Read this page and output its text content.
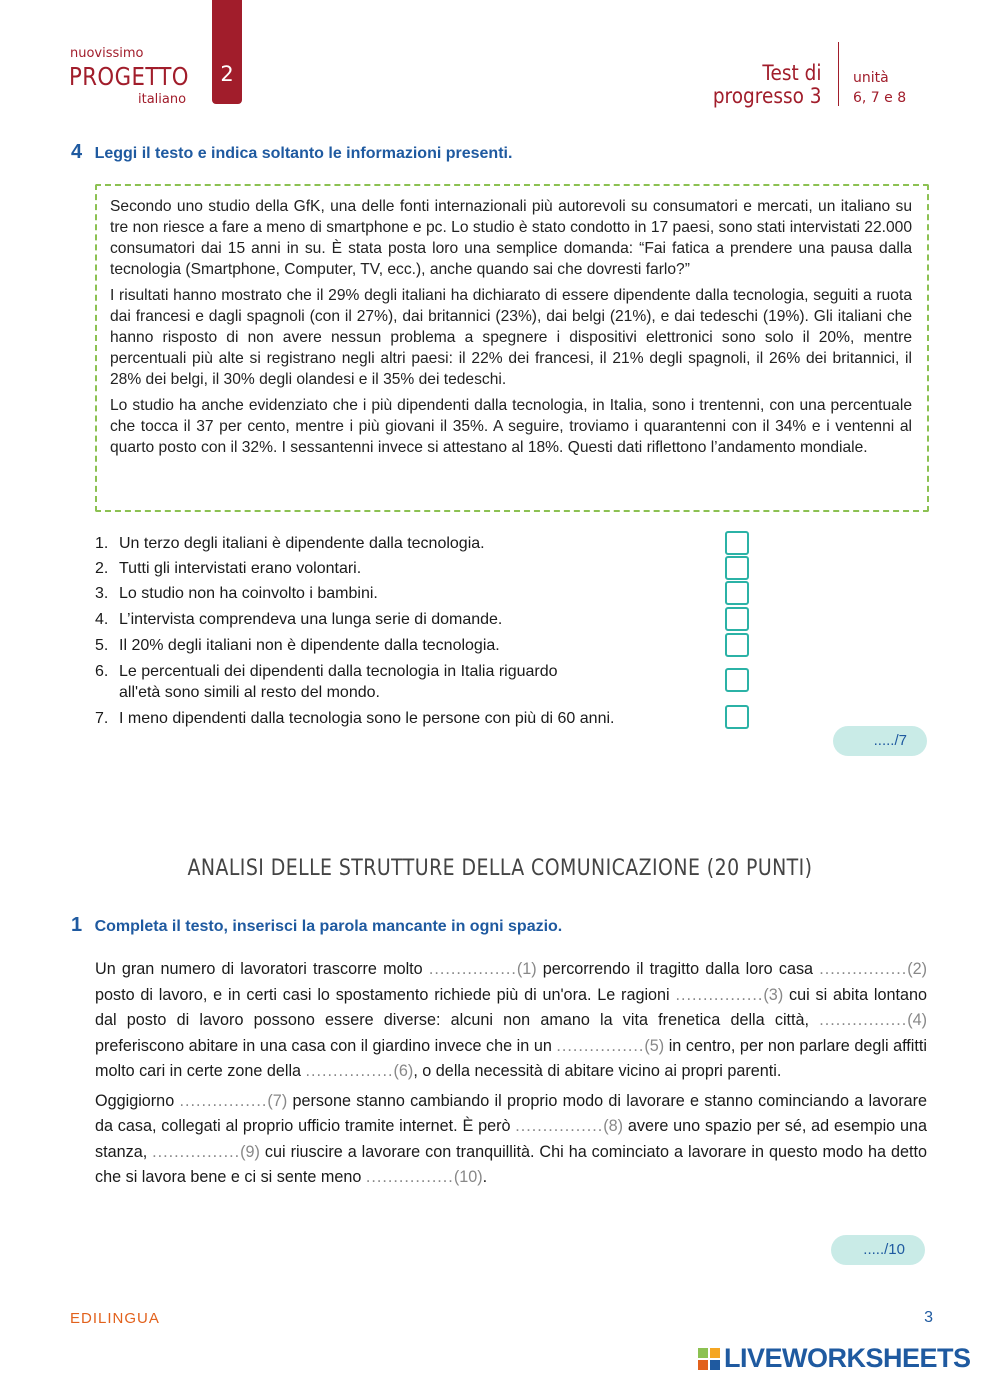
nuovissimo
PROGETTO
italiano
2	Test di
progresso 3
unità
6, 7 e 8
4 Leggi il testo e indica soltanto le informazioni presenti.

Secondo uno studio della GfK, una delle fonti internazionali più autorevoli su consumatori e mercati, un italiano su tre non riesce a fare a meno di smartphone e pc. Lo studio è stato condotto in 17 paesi, sono stati intervistati 22.000 consumatori dai 15 anni in su. È stata posta loro una semplice domanda: “Fai fatica a prendere una pausa dalla tecnologia (Smartphone, Computer, TV, ecc.), anche quando sai che dovresti farlo?”

I risultati hanno mostrato che il 29% degli italiani ha dichiarato di essere dipendente dalla tecnologia, seguiti a ruota dai francesi e dagli spagnoli (con il 27%), dai britannici (23%), dai belgi (21%), e dai tedeschi (19%). Gli italiani che hanno risposto di non avere nessun problema a spegnere i dispositivi elettronici sono solo il 20%, mentre percentuali più alte si registrano negli altri paesi: il 22% dei francesi, il 21% degli spagnoli, il 26% dei britannici, il 28% dei belgi, il 30% degli olandesi e il 35% dei tedeschi.

Lo studio ha anche evidenziato che i più dipendenti dalla tecnologia, in Italia, sono i trentenni, con una percentuale che tocca il 37 per cento, mentre i più giovani il 35%. A seguire, troviamo i quarantenni con il 34% e i ventenni al quarto posto con il 32%. I sessantenni invece si attestano al 18%. Questi dati riflettono l’andamento mondiale.

1. Un terzo degli italiani è dipendente dalla tecnologia.
2. Tutti gli intervistati erano volontari.
3. Lo studio non ha coinvolto i bambini.
4. L’intervista comprendeva una lunga serie di domande.
5. Il 20% degli italiani non è dipendente dalla tecnologia.
6. Le percentuali dei dipendenti dalla tecnologia in Italia riguardo all'età sono simili al resto del mondo.
7. I meno dipendenti dalla tecnologia sono le persone con più di 60 anni.
...../7
ANALISI DELLE STRUTTURE DELLA COMUNICAZIONE (20 PUNTI)
1 Completa il testo, inserisci la parola mancante in ogni spazio.

Un gran numero di lavoratori trascorre molto ................(1) percorrendo il tragitto dalla loro casa ................(2) posto di lavoro, e in certi casi lo spostamento richiede più di un'ora. Le ragioni ................(3) cui si abita lontano dal posto di lavoro possono essere diverse: alcuni non amano la vita frenetica della città, ................(4) preferiscono abitare in una casa con il giardino invece che in un ................(5) in centro, per non parlare degli affitti molto cari in certe zone della ................(6), o della necessità di abitare vicino ai propri parenti.

Oggigiorno ................(7) persone stanno cambiando il proprio modo di lavorare e stanno cominciando a lavorare da casa, collegati al proprio ufficio tramite internet. È però ................(8) avere uno spazio per sé, ad esempio una stanza, ................(9) cui riuscire a lavorare con tranquillità. Chi ha cominciato a lavorare in questo modo ha detto che si lavora bene e ci si sente meno ................(10).

...../10
EDILINGUA	3
LIVEWORKSHEETS
